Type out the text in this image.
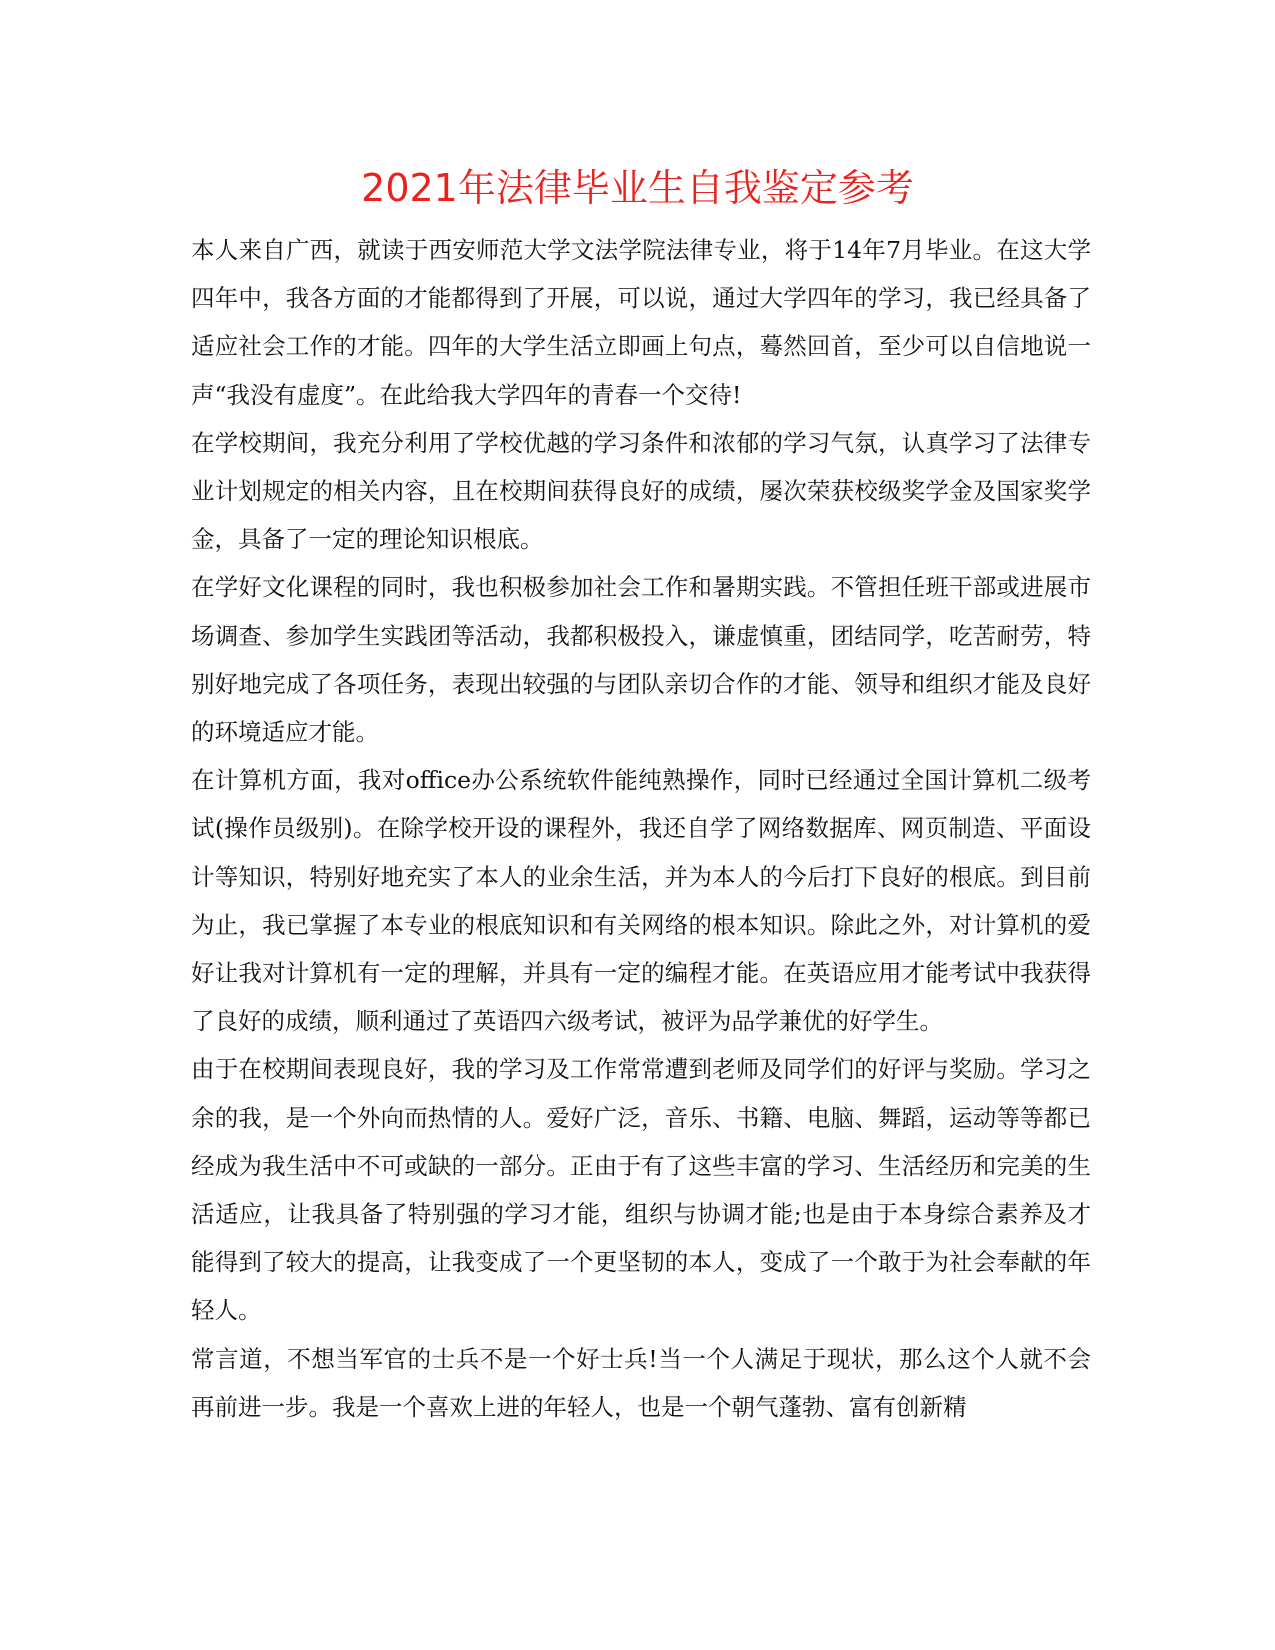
2021年法律毕业生自我鉴定参考

本人来自广西，就读于西安师范大学文法学院法律专业，将于14年7月毕业。在这大学四年中，我各方面的才能都得到了开展，可以说，通过大学四年的学习，我已经具备了适应社会工作的才能。四年的大学生活立即画上句点，蓦然回首，至少可以自信地说一声“我没有虚度”。在此给我大学四年的青春一个交待!

在学校期间，我充分利用了学校优越的学习条件和浓郁的学习气氛，认真学习了法律专业计划规定的相关内容，且在校期间获得良好的成绩，屡次荣获校级奖学金及国家奖学金，具备了一定的理论知识根底。

在学好文化课程的同时，我也积极参加社会工作和暑期实践。不管担任班干部或进展市场调查、参加学生实践团等活动，我都积极投入，谦虚慎重，团结同学，吃苦耐劳，特别好地完成了各项任务，表现出较强的与团队亲切合作的才能、领导和组织才能及良好的环境适应才能。

在计算机方面，我对office办公系统软件能纯熟操作，同时已经通过全国计算机二级考试(操作员级别)。在除学校开设的课程外，我还自学了网络数据库、网页制造、平面设计等知识，特别好地充实了本人的业余生活，并为本人的今后打下良好的根底。到目前为止，我已掌握了本专业的根底知识和有关网络的根本知识。除此之外，对计算机的爱好让我对计算机有一定的理解，并具有一定的编程才能。在英语应用才能考试中我获得了良好的成绩，顺利通过了英语四六级考试，被评为品学兼优的好学生。

由于在校期间表现良好，我的学习及工作常常遭到老师及同学们的好评与奖励。学习之余的我，是一个外向而热情的人。爱好广泛，音乐、书籍、电脑、舞蹈，运动等等都已经成为我生活中不可或缺的一部分。正由于有了这些丰富的学习、生活经历和完美的生活适应，让我具备了特别强的学习才能，组织与协调才能;也是由于本身综合素养及才能得到了较大的提高，让我变成了一个更坚韧的本人，变成了一个敢于为社会奉献的年轻人。

常言道，不想当军官的士兵不是一个好士兵!当一个人满足于现状，那么这个人就不会再前进一步。我是一个喜欢上进的年轻人，也是一个朝气蓬勃、富有创新精
